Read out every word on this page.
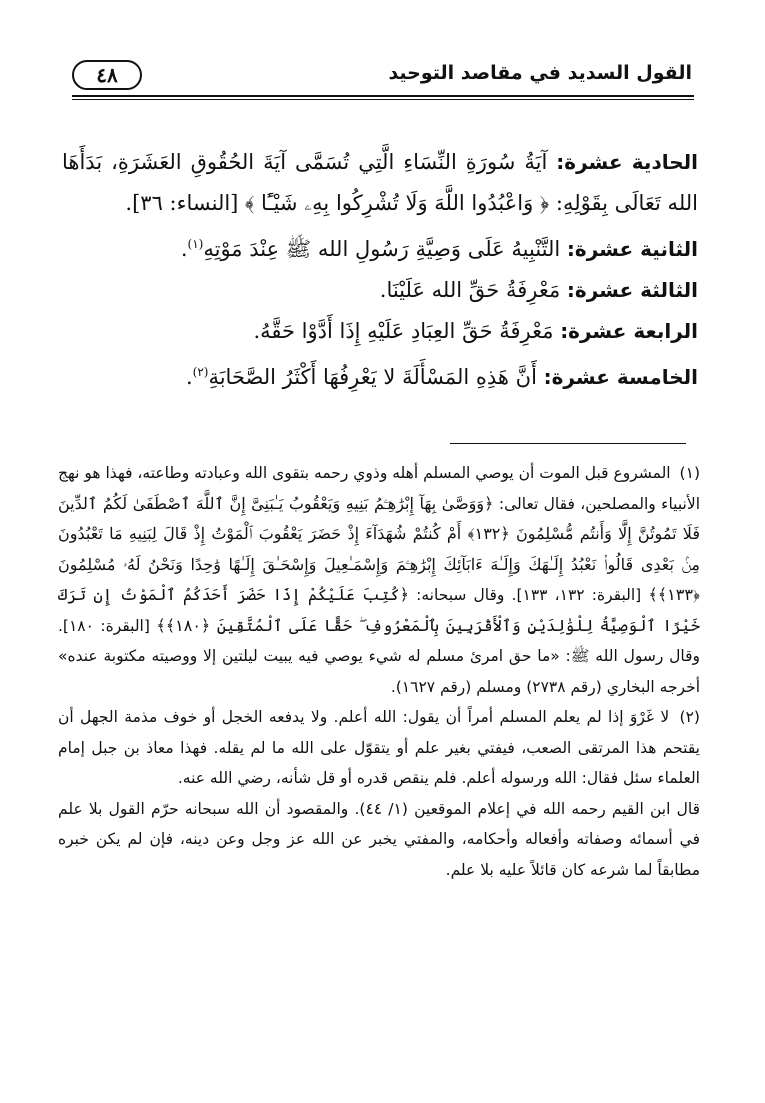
٤٨	القول السديد في مقاصد التوحيد

الحادية عشرة: آيَةُ سُورَةِ النِّسَاءِ الَّتِي تُسَمَّى آيَةَ الحُقُوقِ العَشَرَةِ، بَدَأَهَا الله تَعَالَى بِقَوْلِهِ: ﴿ وَاعْبُدُوا اللَّهَ وَلَا تُشْرِكُوا بِهِۦ شَيْـًٔا ﴾ [النساء: ٣٦].

الثانية عشرة: التَّنْبِيهُ عَلَى وَصِيَّةِ رَسُولِ الله ﷺ عِنْدَ مَوْتِهِ$^{(١)}$.

الثالثة عشرة: مَعْرِفَةُ حَقِّ الله عَلَيْنَا.

الرابعة عشرة: مَعْرِفَةُ حَقِّ العِبَادِ عَلَيْهِ إِذَا أَدَّوْا حَقَّهُ.

الخامسة عشرة: أَنَّ هَذِهِ المَسْأَلَةَ لا يَعْرِفُهَا أَكْثَرُ الصَّحَابَةِ$^{(٢)}$.

(١) المشروع قبل الموت أن يوصي المسلم أهله وذوي رحمه بتقوى الله وعبادته وطاعته، فهذا هو نهج الأنبياء والمصلحين، فقال تعالى: ﴿وَوَصَّىٰ بِهَآ إِبْرَٰهِـۧمُ بَنِيهِ وَيَعْقُوبُ يَـٰبَنِىَّ إِنَّ ٱللَّهَ ٱصْطَفَىٰ لَكُمُ ٱلدِّينَ فَلَا تَمُوتُنَّ إِلَّا وَأَنتُم مُّسْلِمُونَ ﴿١٣٢﴾ أَمْ كُنتُمْ شُهَدَآءَ إِذْ حَضَرَ يَعْقُوبَ ٱلْمَوْتُ إِذْ قَالَ لِبَنِيهِ مَا تَعْبُدُونَ مِنۢ بَعْدِى قَالُوا۟ نَعْبُدُ إِلَـٰهَكَ وَإِلَـٰهَ ءَابَآئِكَ إِبْرَٰهِـۧمَ وَإِسْمَـٰعِيلَ وَإِسْحَـٰقَ إِلَـٰهًا وَٰحِدًا وَنَحْنُ لَهُۥ مُسْلِمُونَ ﴿١٣٣﴾﴾ [البقرة: ١٣٢، ١٣٣]. وقال سبحانه: ﴿كُتِبَ عَلَيْكُمْ إِذَا حَضَرَ أَحَدَكُمُ ٱلْمَوْتُ إِن تَرَكَ خَيْرًا ٱلْوَصِيَّةُ لِلْوَٰلِدَيْنِ وَٱلْأَقْرَبِينَ بِٱلْمَعْرُوفِ ۖ حَقًّا عَلَى ٱلْمُتَّقِينَ ﴿١٨٠﴾﴾ [البقرة: ١٨٠]. وقال رسول الله ﷺ: «ما حق امرئ مسلم له شيء يوصي فيه يبيت ليلتين إلا ووصيته مكتوبة عنده» أخرجه البخاري (رقم ٢٧٣٨) ومسلم (رقم ١٦٢٧).

(٢) لا غَرْوَ إذا لم يعلم المسلم أمراً أن يقول: الله أعلم. ولا يدفعه الخجل أو خوف مذمة الجهل أن يقتحم هذا المرتقى الصعب، فيفتي بغير علم أو يتقوّل على الله ما لم يقله. فهذا معاذ بن جبل إمام العلماء سئل فقال: الله ورسوله أعلم. فلم ينقص قدره أو قل شأنه، رضي الله عنه.

قال ابن القيم رحمه الله في إعلام الموقعين (١/ ٤٤). والمقصود أن الله سبحانه حرّم القول بلا علم في أسمائه وصفاته وأفعاله وأحكامه، والمفتي يخبر عن الله عز وجل وعن دينه، فإن لم يكن خبره مطابقاً لما شرعه كان قائلاً عليه بلا علم.
